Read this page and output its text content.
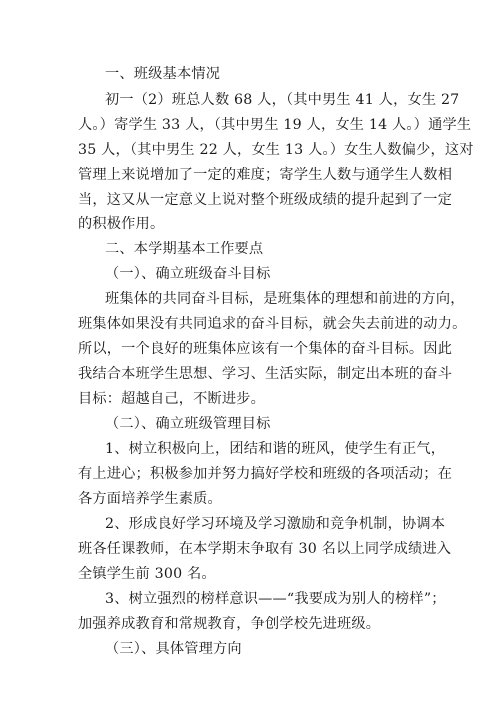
一、班级基本情况
初一（2）班总人数 68 人，（其中男生 41 人，女生 27
人。）寄学生 33 人，（其中男生 19 人，女生 14 人。）通学生
35 人，（其中男生 22 人，女生 13 人。）女生人数偏少，这对
管理上来说增加了一定的难度；寄学生人数与通学生人数相
当，这又从一定意义上说对整个班级成绩的提升起到了一定
的积极作用。
二、本学期基本工作要点
（一）、确立班级奋斗目标
班集体的共同奋斗目标，是班集体的理想和前进的方向，
班集体如果没有共同追求的奋斗目标，就会失去前进的动力。
所以，一个良好的班集体应该有一个集体的奋斗目标。因此
我结合本班学生思想、学习、生活实际，制定出本班的奋斗
目标：超越自己，不断进步。
（二）、确立班级管理目标
1、树立积极向上，团结和谐的班风，使学生有正气，
有上进心；积极参加并努力搞好学校和班级的各项活动；在
各方面培养学生素质。
2、形成良好学习环境及学习激励和竞争机制，协调本
班各任课教师，在本学期末争取有 30 名以上同学成绩进入
全镇学生前 300 名。
3、树立强烈的榜样意识——“我要成为别人的榜样”；
加强养成教育和常规教育，争创学校先进班级。
（三）、具体管理方向
